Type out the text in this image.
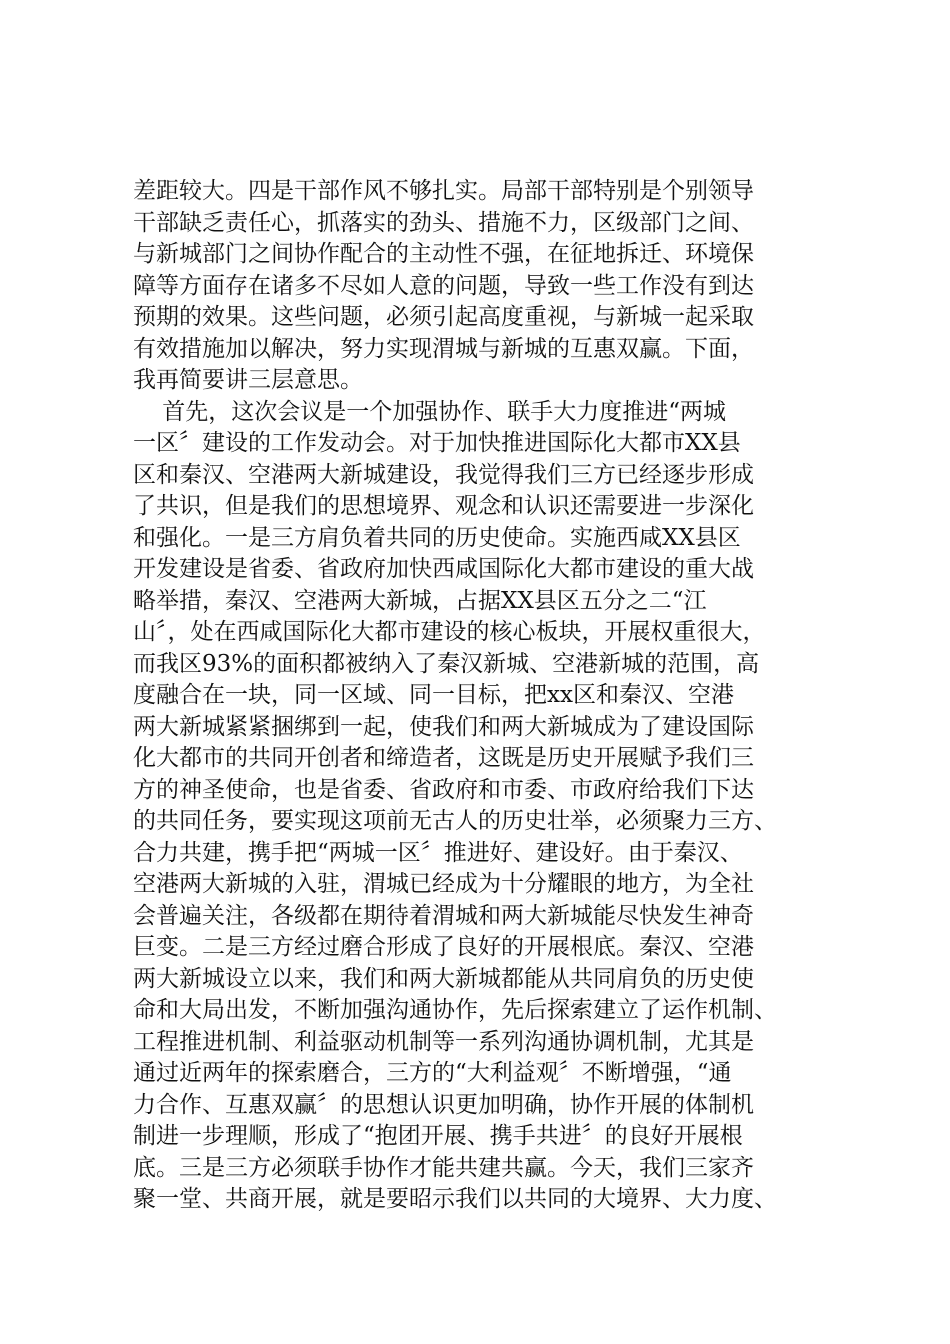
差距较大。四是干部作风不够扎实。局部干部特别是个别领导
干部缺乏责任心，抓落实的劲头、措施不力，区级部门之间、
与新城部门之间协作配合的主动性不强，在征地拆迁、环境保
障等方面存在诸多不尽如人意的问题，导致一些工作没有到达
预期的效果。这些问题，必须引起高度重视，与新城一起采取
有效措施加以解决，努力实现渭城与新城的互惠双赢。下面，
我再简要讲三层意思。
首先，这次会议是一个加强协作、联手大力度推进“两城
一区〞建设的工作发动会。对于加快推进国际化大都市XX县
区和秦汉、空港两大新城建设，我觉得我们三方已经逐步形成
了共识，但是我们的思想境界、观念和认识还需要进一步深化
和强化。一是三方肩负着共同的历史使命。实施西咸XX县区
开发建设是省委、省政府加快西咸国际化大都市建设的重大战
略举措，秦汉、空港两大新城，占据XX县区五分之二“江
山〞，处在西咸国际化大都市建设的核心板块，开展权重很大，
而我区93%的面积都被纳入了秦汉新城、空港新城的范围，高
度融合在一块，同一区域、同一目标，把xx区和秦汉、空港
两大新城紧紧捆绑到一起，使我们和两大新城成为了建设国际
化大都市的共同开创者和缔造者，这既是历史开展赋予我们三
方的神圣使命，也是省委、省政府和市委、市政府给我们下达
的共同任务，要实现这项前无古人的历史壮举，必须聚力三方、
合力共建，携手把“两城一区〞推进好、建设好。由于秦汉、
空港两大新城的入驻，渭城已经成为十分耀眼的地方，为全社
会普遍关注，各级都在期待着渭城和两大新城能尽快发生神奇
巨变。二是三方经过磨合形成了良好的开展根底。秦汉、空港
两大新城设立以来，我们和两大新城都能从共同肩负的历史使
命和大局出发，不断加强沟通协作，先后探索建立了运作机制、
工程推进机制、利益驱动机制等一系列沟通协调机制，尤其是
通过近两年的探索磨合，三方的“大利益观〞不断增强，“通
力合作、互惠双赢〞的思想认识更加明确，协作开展的体制机
制进一步理顺，形成了“抱团开展、携手共进〞的良好开展根
底。三是三方必须联手协作才能共建共赢。今天，我们三家齐
聚一堂、共商开展，就是要昭示我们以共同的大境界、大力度、
